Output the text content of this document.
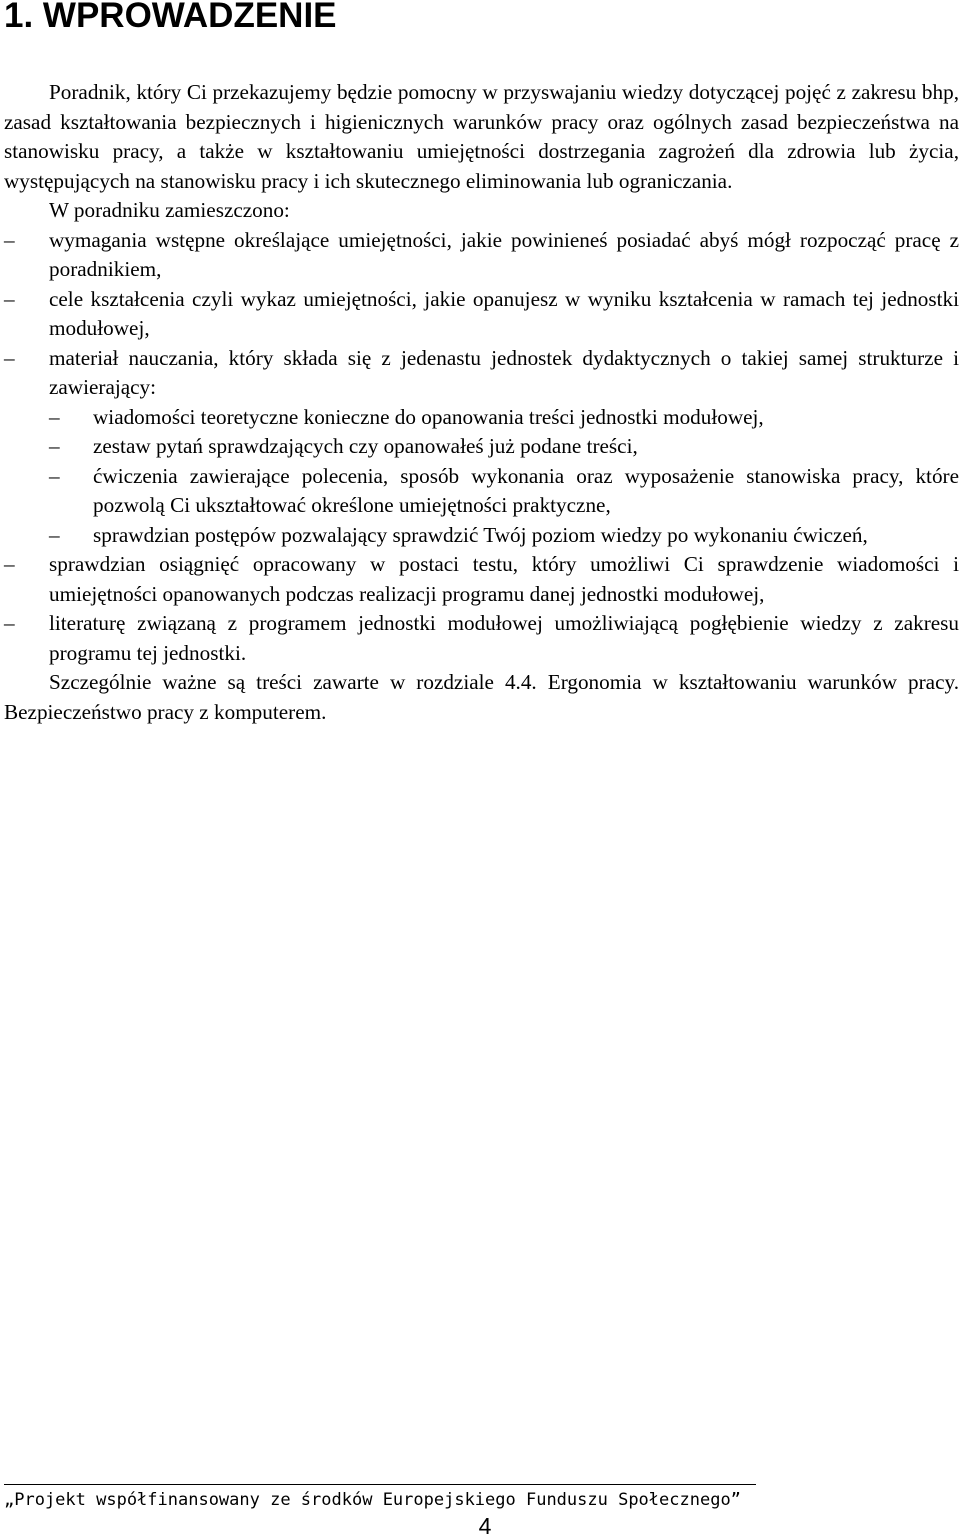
1. WPROWADZENIE

Poradnik, który Ci przekazujemy będzie pomocny w przyswajaniu wiedzy dotyczącej pojęć z zakresu bhp, zasad kształtowania bezpiecznych i higienicznych warunków pracy oraz ogólnych zasad bezpieczeństwa na stanowisku pracy, a także w kształtowaniu umiejętności dostrzegania zagrożeń dla zdrowia lub życia, występujących na stanowisku pracy i ich skutecznego eliminowania lub ograniczania.

W poradniku zamieszczono:

– wymagania wstępne określające umiejętności, jakie powinieneś posiadać abyś mógł rozpocząć pracę z poradnikiem,
– cele kształcenia czyli wykaz umiejętności, jakie opanujesz w wyniku kształcenia w ramach tej jednostki modułowej,
– materiał nauczania, który składa się z jedenastu jednostek dydaktycznych o takiej samej strukturze i zawierający:
– wiadomości teoretyczne konieczne do opanowania treści jednostki modułowej,
– zestaw pytań sprawdzających czy opanowałeś już podane treści,
– ćwiczenia zawierające polecenia, sposób wykonania oraz wyposażenie stanowiska pracy, które pozwolą Ci ukształtować określone umiejętności praktyczne,
– sprawdzian postępów pozwalający sprawdzić Twój poziom wiedzy po wykonaniu ćwiczeń,
– sprawdzian osiągnięć opracowany w postaci testu, który umożliwi Ci sprawdzenie wiadomości i umiejętności opanowanych podczas realizacji programu danej jednostki modułowej,
– literaturę związaną z programem jednostki modułowej umożliwiającą pogłębienie wiedzy z zakresu programu tej jednostki.

Szczególnie ważne są treści zawarte w rozdziale 4.4. Ergonomia w kształtowaniu warunków pracy. Bezpieczeństwo pracy z komputerem.

„Projekt współfinansowany ze środków Europejskiego Funduszu Społecznego”
4
